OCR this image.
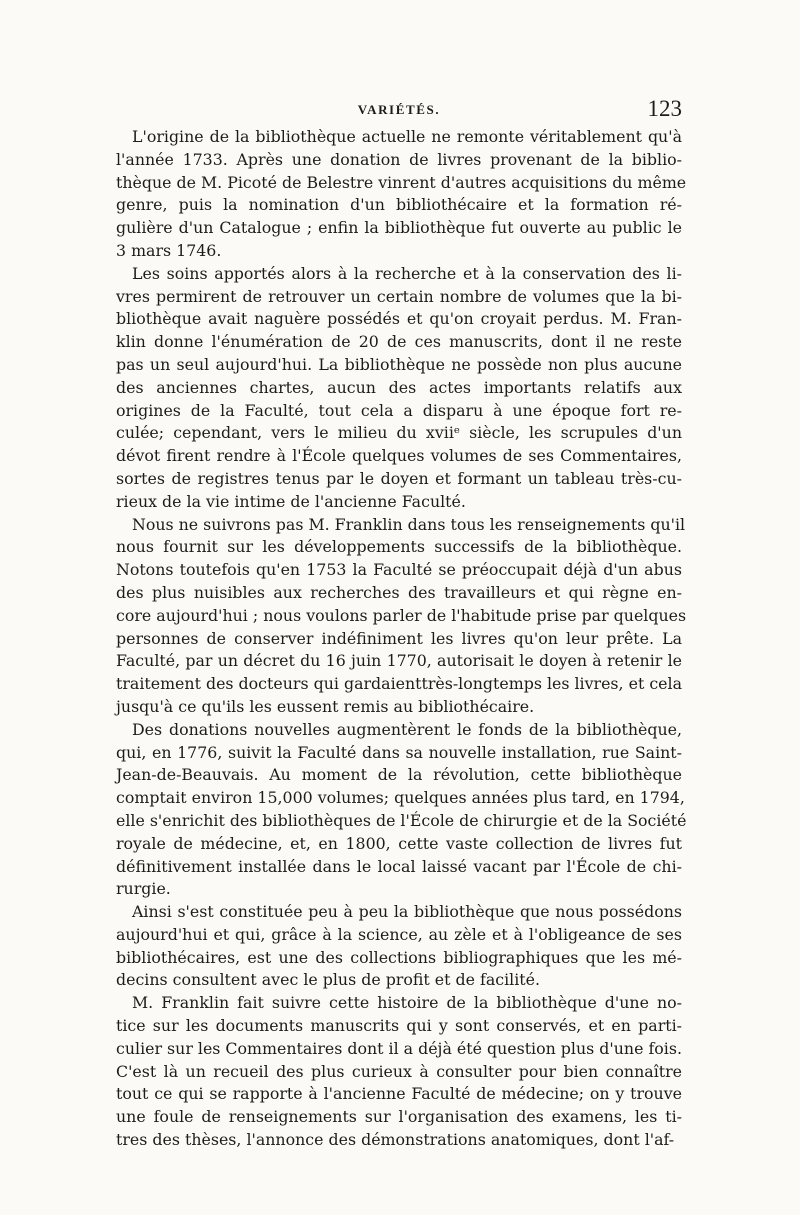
VARIÉTÉS.	123
L'origine de la bibliothèque actuelle ne remonte véritablement qu'à
l'année 1733. Après une donation de livres provenant de la biblio-
thèque de M. Picoté de Belestre vinrent d'autres acquisitions du même
genre, puis la nomination d'un bibliothécaire et la formation ré-
gulière d'un Catalogue ; enfin la bibliothèque fut ouverte au public le
3 mars 1746.
Les soins apportés alors à la recherche et à la conservation des li-
vres permirent de retrouver un certain nombre de volumes que la bi-
bliothèque avait naguère possédés et qu'on croyait perdus. M. Fran-
klin donne l'énumération de 20 de ces manuscrits, dont il ne reste
pas un seul aujourd'hui. La bibliothèque ne possède non plus aucune
des anciennes chartes, aucun des actes importants relatifs aux
origines de la Faculté, tout cela a disparu à une époque fort re-
culée; cependant, vers le milieu du xviiᵉ siècle, les scrupules d'un
dévot firent rendre à l'École quelques volumes de ses Commentaires,
sortes de registres tenus par le doyen et formant un tableau très-cu-
rieux de la vie intime de l'ancienne Faculté.
Nous ne suivrons pas M. Franklin dans tous les renseignements qu'il
nous fournit sur les développements successifs de la bibliothèque.
Notons toutefois qu'en 1753 la Faculté se préoccupait déjà d'un abus
des plus nuisibles aux recherches des travailleurs et qui règne en-
core aujourd'hui ; nous voulons parler de l'habitude prise par quelques
personnes de conserver indéfiniment les livres qu'on leur prête. La
Faculté, par un décret du 16 juin 1770, autorisait le doyen à retenir le
traitement des docteurs qui gardaienttrès-longtemps les livres, et cela
jusqu'à ce qu'ils les eussent remis au bibliothécaire.
Des donations nouvelles augmentèrent le fonds de la bibliothèque,
qui, en 1776, suivit la Faculté dans sa nouvelle installation, rue Saint-
Jean-de-Beauvais. Au moment de la révolution, cette bibliothèque
comptait environ 15,000 volumes; quelques années plus tard, en 1794,
elle s'enrichit des bibliothèques de l'École de chirurgie et de la Société
royale de médecine, et, en 1800, cette vaste collection de livres fut
définitivement installée dans le local laissé vacant par l'École de chi-
rurgie.
Ainsi s'est constituée peu à peu la bibliothèque que nous possédons
aujourd'hui et qui, grâce à la science, au zèle et à l'obligeance de ses
bibliothécaires, est une des collections bibliographiques que les mé-
decins consultent avec le plus de profit et de facilité.
M. Franklin fait suivre cette histoire de la bibliothèque d'une no-
tice sur les documents manuscrits qui y sont conservés, et en parti-
culier sur les Commentaires dont il a déjà été question plus d'une fois.
C'est là un recueil des plus curieux à consulter pour bien connaître
tout ce qui se rapporte à l'ancienne Faculté de médecine; on y trouve
une foule de renseignements sur l'organisation des examens, les ti-
tres des thèses, l'annonce des démonstrations anatomiques, dont l'af-
